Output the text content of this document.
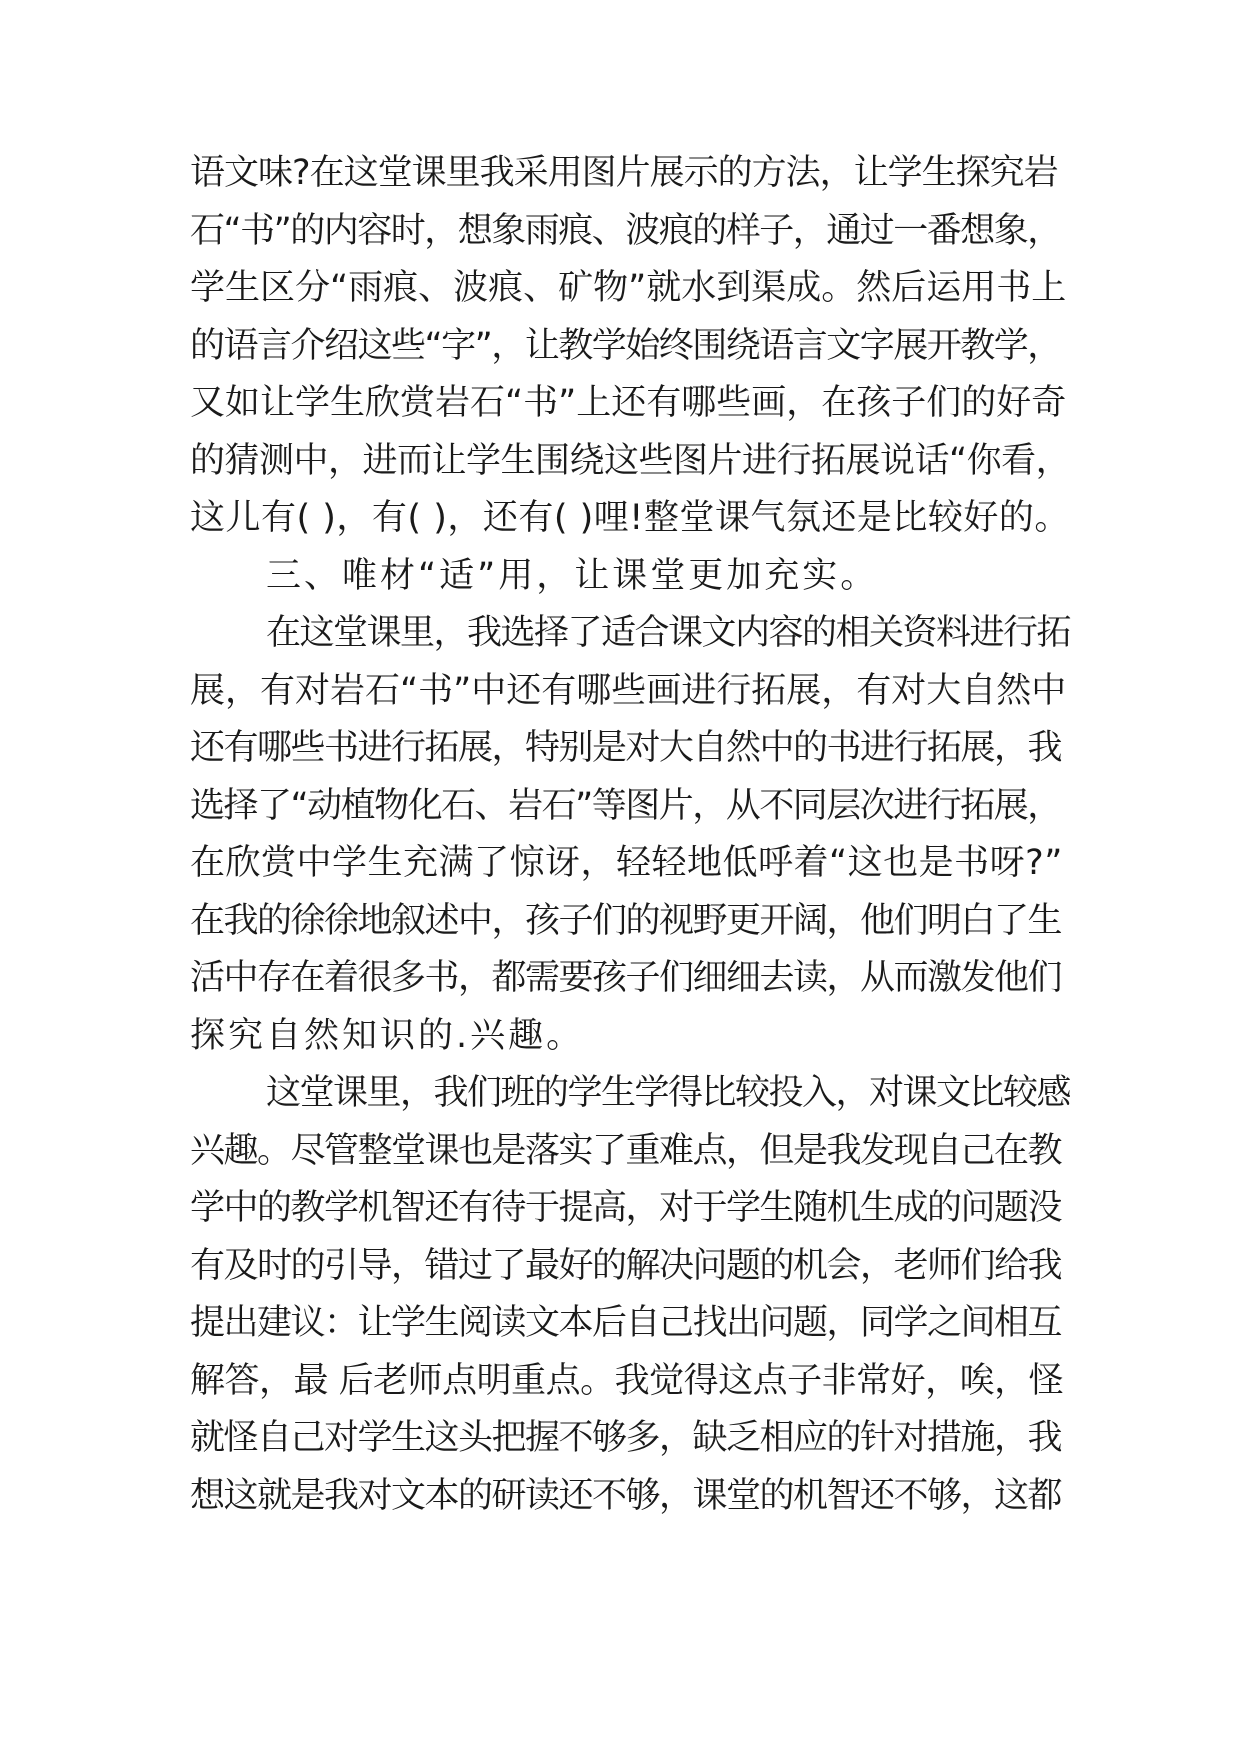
语文味?在这堂课里我采用图片展示的方法，让学生探究岩
石“书”的内容时，想象雨痕、波痕的样子，通过一番想象，
学生区分“雨痕、波痕、矿物”就水到渠成。然后运用书上
的语言介绍这些“字”，让教学始终围绕语言文字展开教学，
又如让学生欣赏岩石“书”上还有哪些画，在孩子们的好奇
的猜测中，进而让学生围绕这些图片进行拓展说话“你看，
这儿有( )，有( )，还有( )哩!整堂课气氛还是比较好的。
三、唯材“适”用，让课堂更加充实。
在这堂课里，我选择了适合课文内容的相关资料进行拓
展，有对岩石“书”中还有哪些画进行拓展，有对大自然中
还有哪些书进行拓展，特别是对大自然中的书进行拓展，我
选择了“动植物化石、岩石”等图片，从不同层次进行拓展，
在欣赏中学生充满了惊讶，轻轻地低呼着“这也是书呀?”
在我的徐徐地叙述中，孩子们的视野更开阔，他们明白了生
活中存在着很多书，都需要孩子们细细去读，从而激发他们
探究自然知识的.兴趣。
这堂课里，我们班的学生学得比较投入，对课文比较感
兴趣。尽管整堂课也是落实了重难点，但是我发现自己在教
学中的教学机智还有待于提高，对于学生随机生成的问题没
有及时的引导，错过了最好的解决问题的机会，老师们给我
提出建议：让学生阅读文本后自己找出问题，同学之间相互
解答，最 后老师点明重点。我觉得这点子非常好，唉，怪
就怪自己对学生这头把握不够多，缺乏相应的针对措施，我
想这就是我对文本的研读还不够，课堂的机智还不够，这都
